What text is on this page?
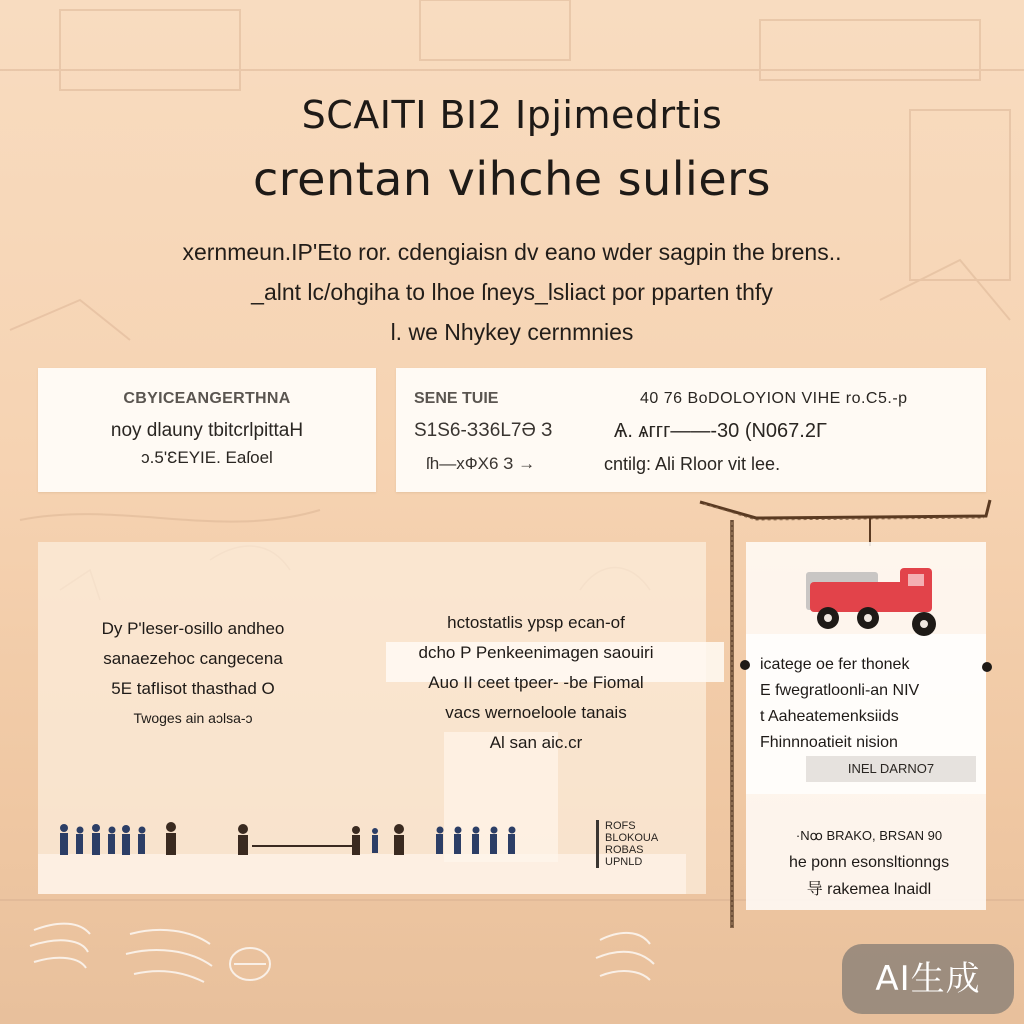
SCAITI BI2 Ipjimedrtis
crentan vihche suliers
xernmeun.IP'Eto ror. cdengiaisn dv eano wder sagpin the brens..
_alnt lc/ohgiha to lhoe ſneys_lsliact por pparten thfy
l. we Nhykey cernmnies
CBYICEANGERTHNA
noy dlauny tbitcrlpittaH
ɔ.5'ƐEYIE. Eaſoel
SENE TUIE	40 76 BoDOLOYION VIHE ro.C5.-p
S1S6-ЗЗ6L7Ә З
ſh—хФX6 З →
Ѧ. ѧггг——-30 (N067.2Γ
cntilg: Ali Rloor vit lee.
Dy P'leser-osillo andheo
sanaezehoc cangecena
5E tafIisot thasthad O
Twoges ain aɔlsa-ɔ
hctostatlis ypsp ecan-of
dcho P Penkeenimagen saouiri
Auo II ceet tpeer- -be Fiomal
vacs wernoeloole tanais
Al san aic.cr
ROFS
BLOKOUA
ROBAS
UPNLD
icatege oe fer thonek
E fwegratloonli-an NIV
t Aaheatemenksiids
Fhinnnoatieit nision
INEL DARNO7
·Nꝏ BRAKO, BRSAN 90
he ponn esonsltionngs
导 rakemea lnaidl
AI生成
